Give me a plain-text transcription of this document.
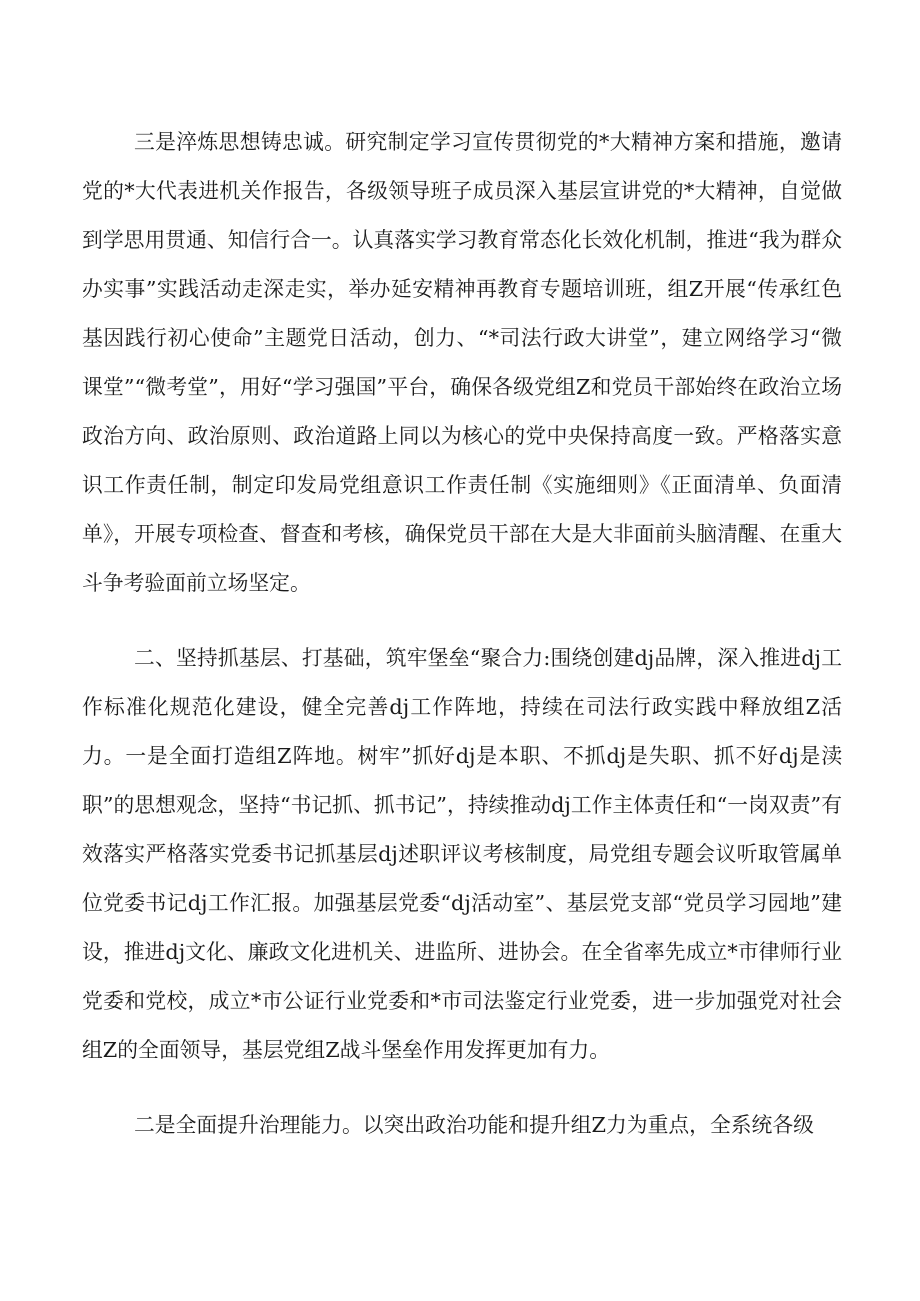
三是淬炼思想铸忠诚。研究制定学习宣传贯彻党的*大精神方案和措施，邀请党的*大代表进机关作报告，各级领导班子成员深入基层宣讲党的*大精神，自觉做到学思用贯通、知信行合一。认真落实学习教育常态化长效化机制，推进“我为群众办实事”实践活动走深走实，举办延安精神再教育专题培训班，组Z开展“传承红色基因践行初心使命”主题党日活动，创力、“*司法行政大讲堂”，建立网络学习“微课堂”“微考堂”，用好“学习强国”平台，确保各级党组Z和党员干部始终在政治立场政治方向、政治原则、政治道路上同以为核心的党中央保持高度一致。严格落实意识工作责任制，制定印发局党组意识工作责任制《实施细则》《正面清单、负面清单》，开展专项检查、督查和考核，确保党员干部在大是大非面前头脑清醒、在重大斗争考验面前立场坚定。

二、坚持抓基层、打基础，筑牢堡垒“聚合力:围绕创建dj品牌，深入推进dj工作标准化规范化建设，健全完善dj工作阵地，持续在司法行政实践中释放组Z活力。一是全面打造组Z阵地。树牢”抓好dj是本职、不抓dj是失职、抓不好dj是渎职”的思想观念，坚持“书记抓、抓书记”，持续推动dj工作主体责任和“一岗双责”有效落实严格落实党委书记抓基层dj述职评议考核制度，局党组专题会议听取管属单位党委书记dj工作汇报。加强基层党委“dj活动室”、基层党支部“党员学习园地”建设，推进dj文化、廉政文化进机关、进监所、进协会。在全省率先成立*市律师行业党委和党校，成立*市公证行业党委和*市司法鉴定行业党委，进一步加强党对社会组Z的全面领导，基层党组Z战斗堡垒作用发挥更加有力。

二是全面提升治理能力。以突出政治功能和提升组Z力为重点，全系统各级
